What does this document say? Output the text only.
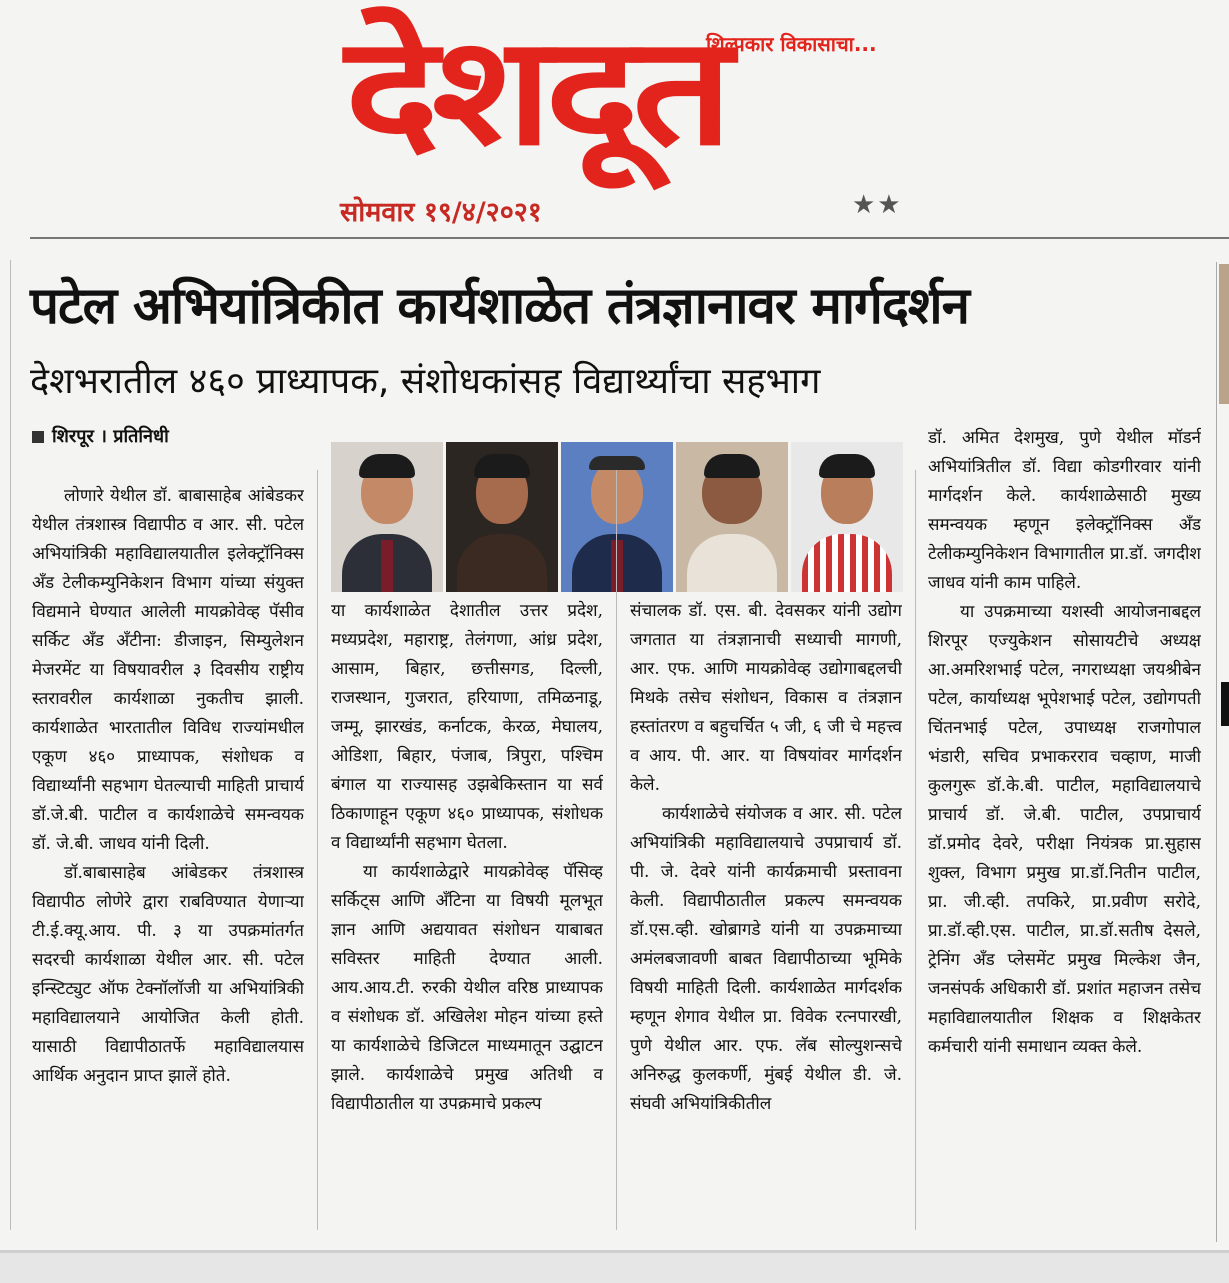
देशदूत
शिल्पकार विकासाचा...
सोमवार १९/४/२०२१	★★
पटेल अभियांत्रिकीत कार्यशाळेत तंत्रज्ञानावर मार्गदर्शन
देशभरातील ४६० प्राध्यापक, संशोधकांसह विद्यार्थ्यांचा सहभाग
शिरपूर । प्रतिनिधी

लोणारे येथील डॉ. बाबासाहेब आंबेडकर येथील तंत्रशास्त्र विद्यापीठ व आर. सी. पटेल अभियांत्रिकी महाविद्यालयातील इलेक्ट्रॉनिक्स अँड टेलीकम्युनिकेशन विभाग यांच्या संयुक्त विद्यमाने घेण्यात आलेली मायक्रोवेव्ह पॅसीव सर्किट अँड अँटीना: डीजाइन, सिम्युलेशन मेजरमेंट या विषयावरील ३ दिवसीय राष्ट्रीय स्तरावरील कार्यशाळा नुकतीच झाली. कार्यशाळेत भारतातील विविध राज्यांमधील एकूण ४६० प्राध्यापक, संशोधक व विद्यार्थ्यांनी सहभाग घेतल्याची माहिती प्राचार्य डॉ.जे.बी. पाटील व कार्यशाळेचे समन्वयक डॉ. जे.बी. जाधव यांनी दिली.

डॉ.बाबासाहेब आंबेडकर तंत्रशास्त्र विद्यापीठ लोणेरे द्वारा राबविण्यात येणाऱ्या टी.ई.क्यू.आय. पी. ३ या उपक्रमांतर्गत सदरची कार्यशाळा येथील आर. सी. पटेल इन्स्टिट्युट ऑफ टेक्नॉलॉजी या अभियांत्रिकी महाविद्यालयाने आयोजित केली होती. यासाठी विद्यापीठातर्फे महाविद्यालयास आर्थिक अनुदान प्राप्त झालें होते.

या कार्यशाळेत देशातील उत्तर प्रदेश, मध्यप्रदेश, महाराष्ट्र, तेलंगणा, आंध्र प्रदेश, आसाम, बिहार, छत्तीसगड, दिल्ली, राजस्थान, गुजरात, हरियाणा, तमिळनाडू, जम्मू, झारखंड, कर्नाटक, केरळ, मेघालय, ओडिशा, बिहार, पंजाब, त्रिपुरा, पश्चिम बंगाल या राज्यासह उझबेकिस्तान या सर्व ठिकाणाहून एकूण ४६० प्राध्यापक, संशोधक व विद्यार्थ्यांनी सहभाग घेतला.

या कार्यशाळेद्वारे मायक्रोवेव्ह पॅसिव्ह सर्किट्स आणि अँटिना या विषयी मूलभूत ज्ञान आणि अद्ययावत संशोधन याबाबत सविस्तर माहिती देण्यात आली. आय.आय.टी. रुरकी येथील वरिष्ठ प्राध्यापक व संशोधक डॉ. अखिलेश मोहन यांच्या हस्ते या कार्यशाळेचे डिजिटल माध्यमातून उद्घाटन झाले. कार्यशाळेचे प्रमुख अतिथी व विद्यापीठातील या उपक्रमाचे प्रकल्प

संचालक डॉ. एस. बी. देवसकर यांनी उद्योग जगतात या तंत्रज्ञानाची सध्याची मागणी, आर. एफ. आणि मायक्रोवेव्ह उद्योगाबद्दलची मिथके तसेच संशोधन, विकास व तंत्रज्ञान हस्तांतरण व बहुचर्चित ५ जी, ६ जी चे महत्त्व व आय. पी. आर. या विषयांवर मार्गदर्शन केले.

कार्यशाळेचे संयोजक व आर. सी. पटेल अभियांत्रिकी महाविद्यालयाचे उपप्राचार्य डॉ. पी. जे. देवरे यांनी कार्यक्रमाची प्रस्तावना केली. विद्यापीठातील प्रकल्प समन्वयक डॉ.एस.व्ही. खोब्रागडे यांनी या उपक्रमाच्या अमंलबजावणी बाबत विद्यापीठाच्या भूमिके विषयी माहिती दिली. कार्यशाळेत मार्गदर्शक म्हणून शेगाव येथील प्रा. विवेक रत्नपारखी, पुणे येथील आर. एफ. लॅब सोल्युशन्सचे अनिरुद्ध कुलकर्णी, मुंबई येथील डी. जे. संघवी अभियांत्रिकीतील

डॉ. अमित देशमुख, पुणे येथील मॉडर्न अभियांत्रितील डॉ. विद्या कोडगीरवार यांनी मार्गदर्शन केले. कार्यशाळेसाठी मुख्य समन्वयक म्हणून इलेक्ट्रॉनिक्स अँड टेलीकम्युनिकेशन विभागातील प्रा.डॉ. जगदीश जाधव यांनी काम पाहिले.

या उपक्रमाच्या यशस्वी आयोजनाबद्दल शिरपूर एज्युकेशन सोसायटीचे अध्यक्ष आ.अमरिशभाई पटेल, नगराध्यक्षा जयश्रीबेन पटेल, कार्याध्यक्ष भूपेशभाई पटेल, उद्योगपती चिंतनभाई पटेल, उपाध्यक्ष राजगोपाल भंडारी, सचिव प्रभाकरराव चव्हाण, माजी कुलगुरू डॉ.के.बी. पाटील, महाविद्यालयाचे प्राचार्य डॉ. जे.बी. पाटील, उपप्राचार्य डॉ.प्रमोद देवरे, परीक्षा नियंत्रक प्रा.सुहास शुक्ल, विभाग प्रमुख प्रा.डॉ.नितीन पाटील, प्रा. जी.व्ही. तपकिरे, प्रा.प्रवीण सरोदे, प्रा.डॉ.व्ही.एस. पाटील, प्रा.डॉ.सतीष देसले, ट्रेनिंग अँड प्लेसमेंट प्रमुख मिल्केश जैन, जनसंपर्क अधिकारी डॉ. प्रशांत महाजन तसेच महाविद्यालयातील शिक्षक व शिक्षकेतर कर्मचारी यांनी समाधान व्यक्त केले.
